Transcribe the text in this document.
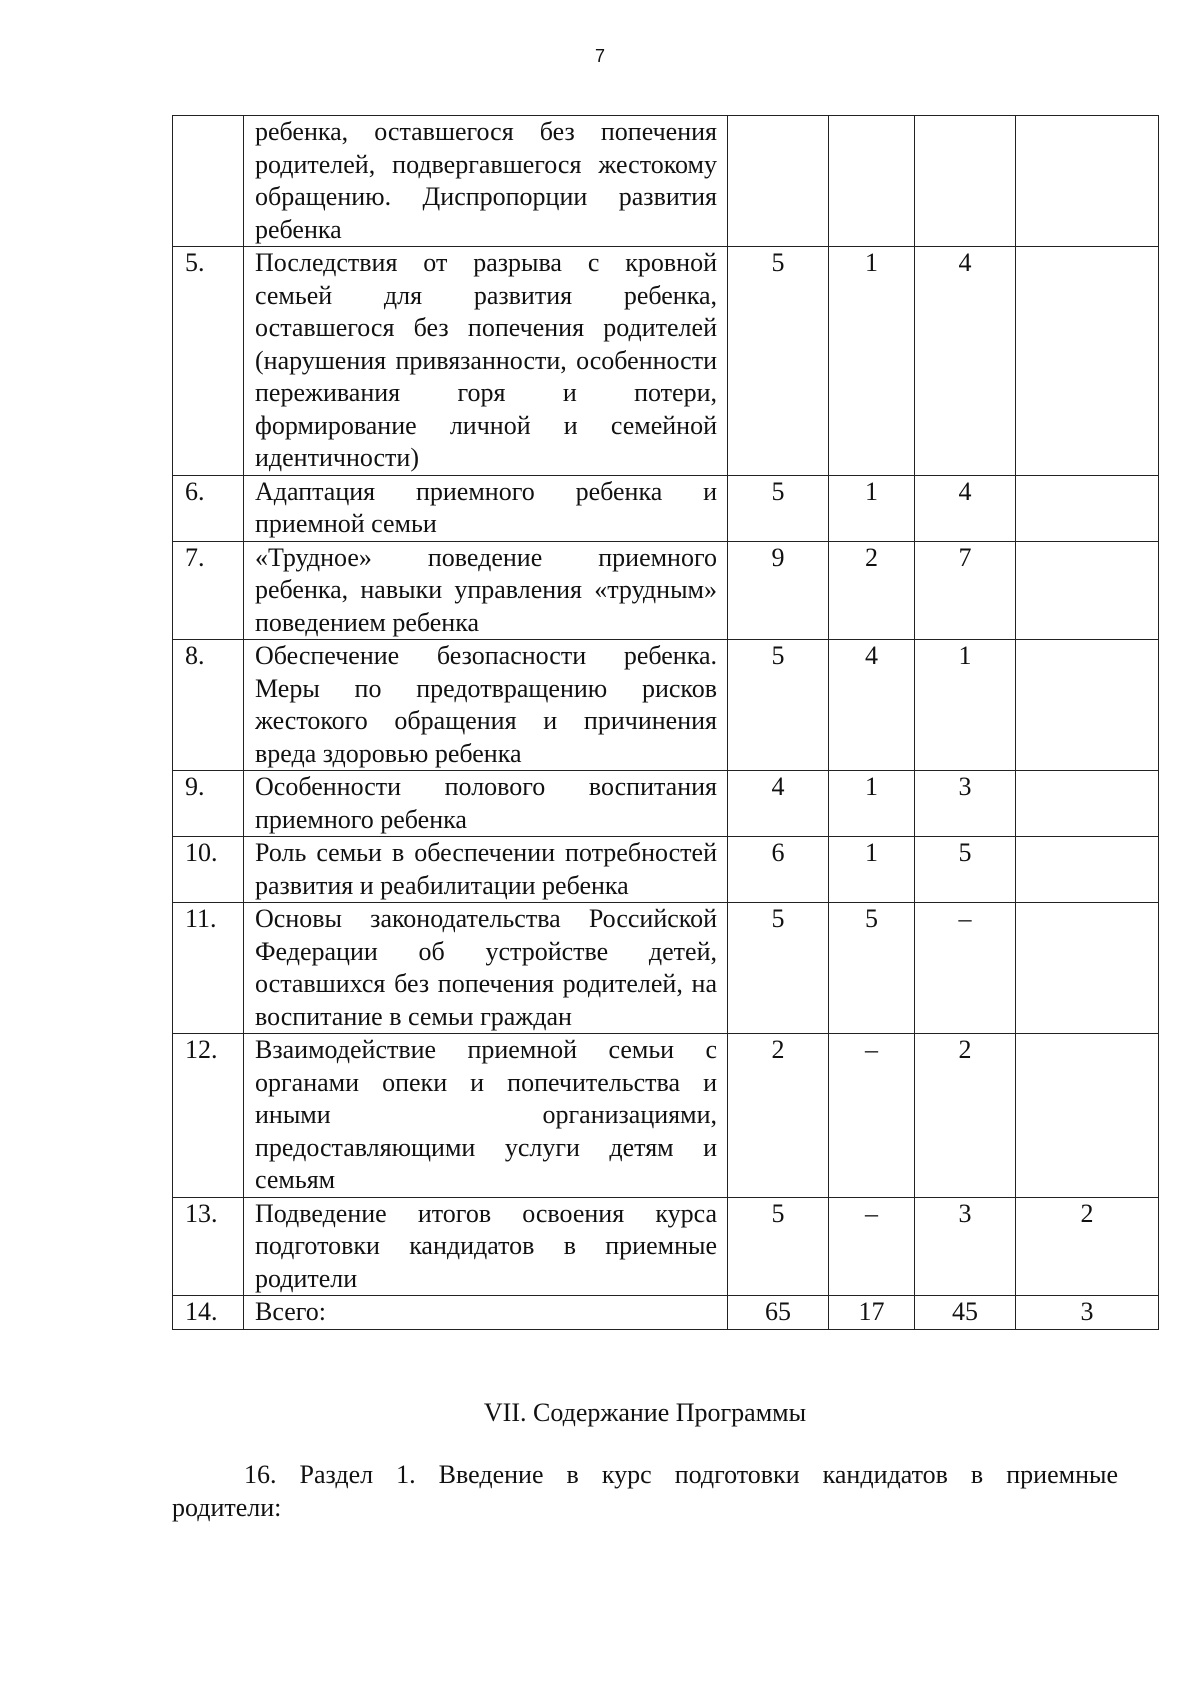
7
	ребенка, оставшегося без попечения родителей, подвергавшегося жестокому обращению. Диспропорции развития ребенка				
5.	Последствия от разрыва с кровной семьей для развития ребенка, оставшегося без попечения родителей (нарушения привязанности, особенности переживания горя и потери, формирование личной и семейной идентичности)	5	1	4	
6.	Адаптация приемного ребенка и приемной семьи	5	1	4	
7.	«Трудное» поведение приемного ребенка, навыки управления «трудным» поведением ребенка	9	2	7	
8.	Обеспечение безопасности ребенка. Меры по предотвращению рисков жестокого обращения и причинения вреда здоровью ребенка	5	4	1	
9.	Особенности полового воспитания приемного ребенка	4	1	3	
10.	Роль семьи в обеспечении потребностей развития и реабилитации ребенка	6	1	5	
11.	Основы законодательства Российской Федерации об устройстве детей, оставшихся без попечения родителей, на воспитание в семьи граждан	5	5	–	
12.	Взаимодействие приемной семьи с органами опеки и попечительства и иными организациями, предоставляющими услуги детям и семьям	2	–	2	
13.	Подведение итогов освоения курса подготовки кандидатов в приемные родители	5	–	3	2
14.	Всего:	65	17	45	3
VII. Содержание Программы
16. Раздел 1. Введение в курс подготовки кандидатов в приемные родители:
